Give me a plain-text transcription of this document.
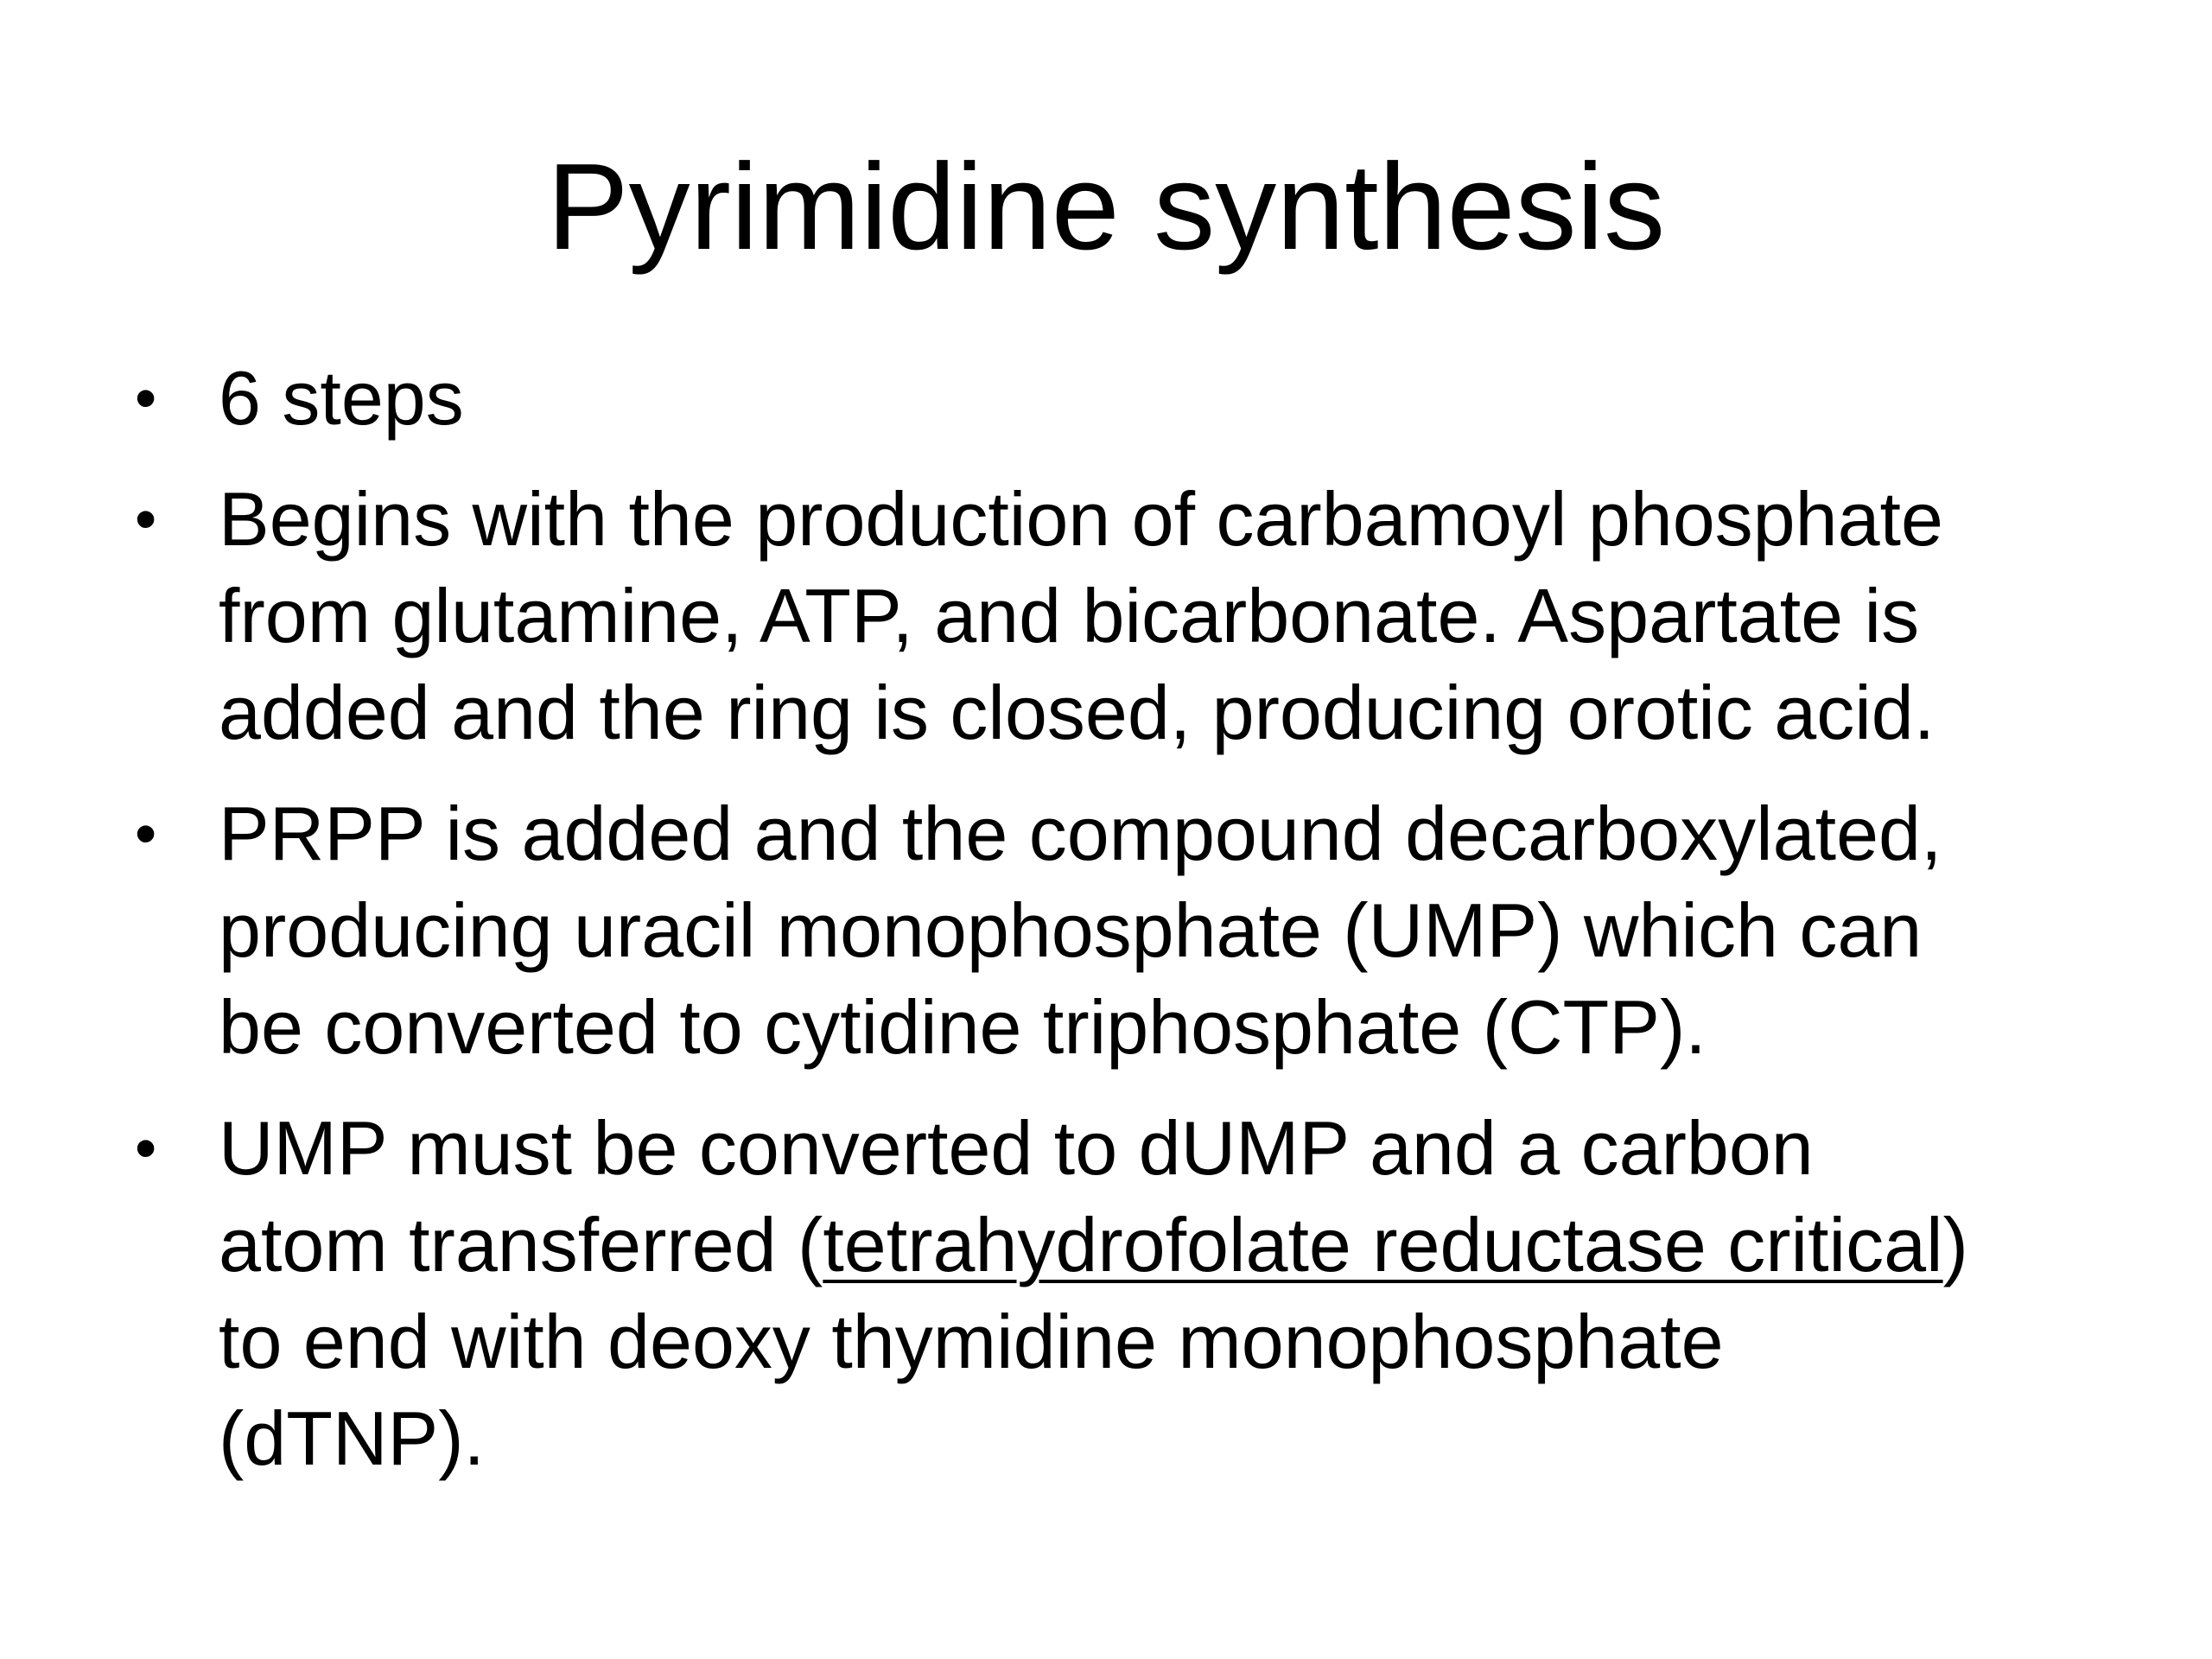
Pyrimidine synthesis
• 6 steps
• Begins with the production of carbamoyl phosphate
from glutamine, ATP, and bicarbonate. Aspartate is
added and the ring is closed, producing orotic acid.
• PRPP is added and the compound decarboxylated,
producing uracil monophosphate (UMP) which can
be converted to cytidine triphosphate (CTP).
• UMP must be converted to dUMP and a carbon
atom transferred (tetrahydrofolate reductase critical)
to end with deoxy thymidine monophosphate
(dTNP).
